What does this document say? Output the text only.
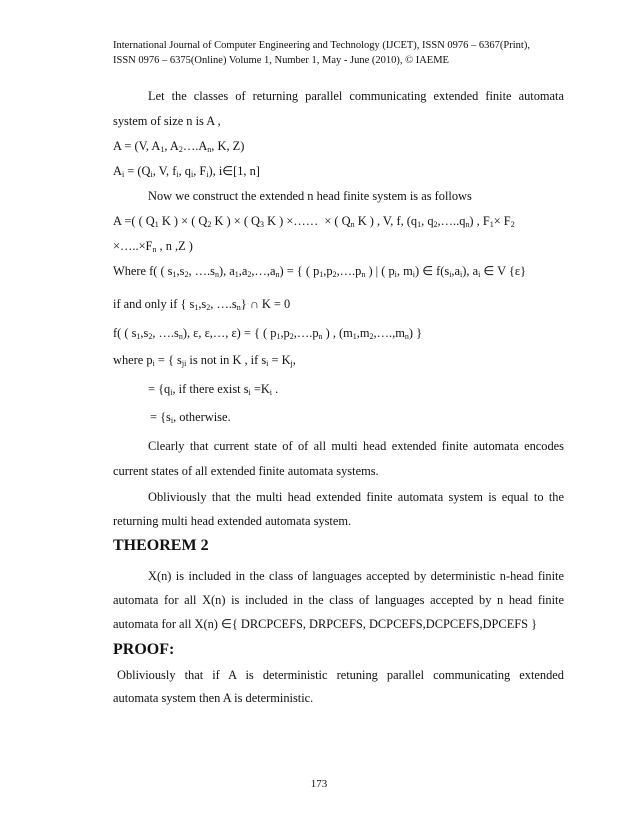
International Journal of Computer Engineering and Technology (IJCET), ISSN 0976 – 6367(Print),
ISSN 0976 – 6375(Online) Volume 1, Number 1, May - June (2010), © IAEME
Let the classes of returning parallel communicating extended finite automata
system of size n is A ,
A = (V, $A_1$, $A_2\dots.A_n$, K, Z)
$A_i = (Q_i$, V, $f_i$, $q_i$, $F_i$), i∈[1, n]
Now we construct the extended n head finite system is as follows
A =( ( $Q_1$ K ) × ( $Q_2$ K ) × ( $Q_3$ K ) ×……  × ( $Q_n$ K ) , V, f, ($q_1$, $q_2,\dots..q_n$) , $F_1\times F_2$
$\times\dots..\times F_n$ , n ,Z )
Where f( ( $s_1,s_2$, $\dots.s_n$), $a_1,a_2,\dots,a_n$) = { ( $p_1,p_2,\dots.p_n$ ) | ( $p_i$, $m_i$) ∈ $f(s_i,a_i)$, $a_i$ ∈ V {ε}
if and only if { $s_1,s_2$, $\dots.s_n$} ∩ K = 0
f( ( $s_1,s_2$, $\dots.s_n$), ε, ε,…, ε) = { ( $p_1,p_2,\dots.p_n$ ) , $(m_1,m_2,\dots.,m_n)$ }
where $p_i$ = { $s_{ji}$ is not in K , if $s_i = K_j$,
= {$q_i$, if there exist $s_i =K_i$ .
= {$s_i$, otherwise.
Clearly that current state of of all multi head extended finite automata encodes
current states of all extended finite automata systems.
Obliviously that the multi head extended finite automata system is equal to the
returning multi head extended automata system.
THEOREM 2
X(n) is included in the class of languages accepted by deterministic n-head finite
automata for all X(n) is included in the class of languages accepted by n head finite
automata for all X(n) ∈{ DRCPCEFS, DRPCEFS, DCPCEFS,DCPCEFS,DPCEFS }
PROOF:
Obliviously that if A is deterministic retuning parallel communicating extended
automata system then A is deterministic.
173
